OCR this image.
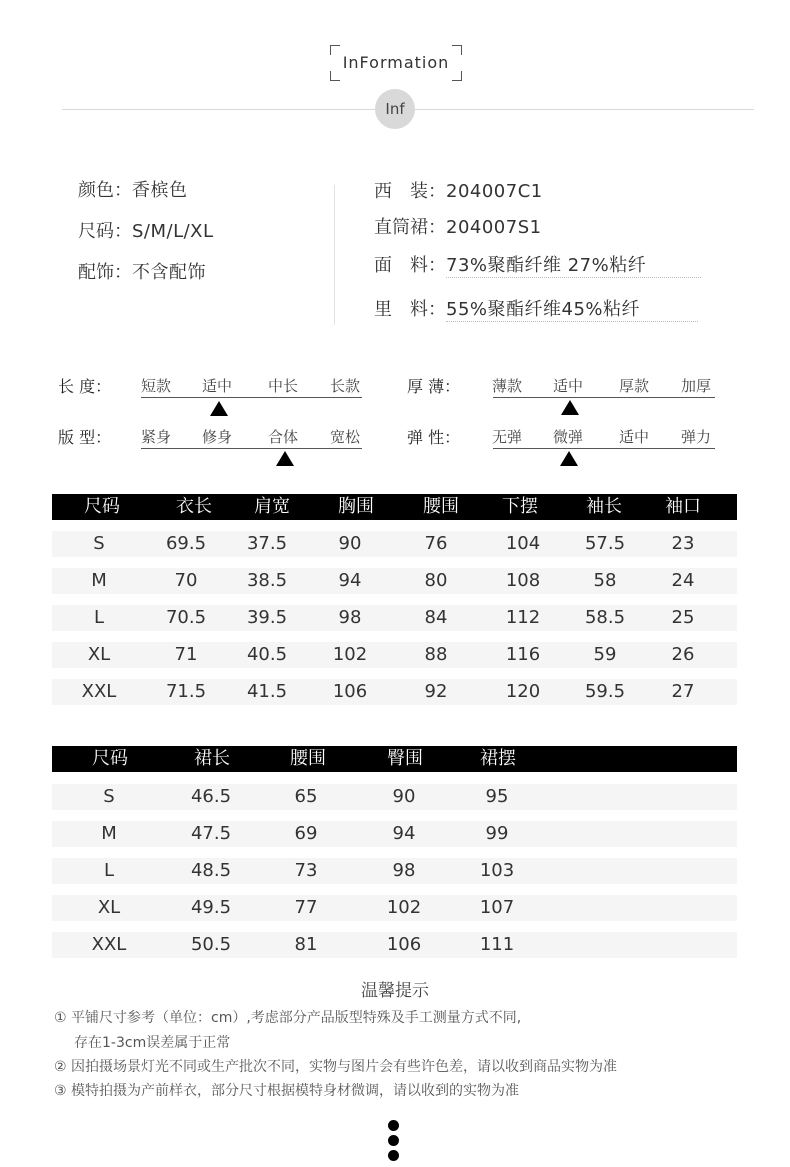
InFormation
Inf
颜色：香槟色
尺码：S/M/L/XL
配饰：不含配饰
西　装：204007C1
直筒裙：204007S1
面　料：73%聚酯纤维 27%粘纤
里　料：55%聚酯纤维45%粘纤
长 度： 短款 适中 中长 长款	厚 薄： 薄款 适中 厚款 加厚
版 型： 紧身 修身 合体 宽松	弹 性： 无弹 微弹 适中 弹力
尺码	衣长	肩宽	胸围	腰围	下摆	袖长	袖口
S	69.5	37.5	90	76	104	57.5	23
M	70	38.5	94	80	108	58	24
L	70.5	39.5	98	84	112	58.5	25
XL	71	40.5	102	88	116	59	26
XXL	71.5	41.5	106	92	120	59.5	27
尺码	裙长	腰围	臀围	裙摆
S	46.5	65	90	95
M	47.5	69	94	99
L	48.5	73	98	103
XL	49.5	77	102	107
XXL	50.5	81	106	111
温馨提示
① 平铺尺寸参考（单位：cm）,考虑部分产品版型特殊及手工测量方式不同,
存在1-3cm误差属于正常
② 因拍摄场景灯光不同或生产批次不同，实物与图片会有些许色差，请以收到商品实物为准
③ 模特拍摄为产前样衣，部分尺寸根据模特身材微调，请以收到的实物为准
